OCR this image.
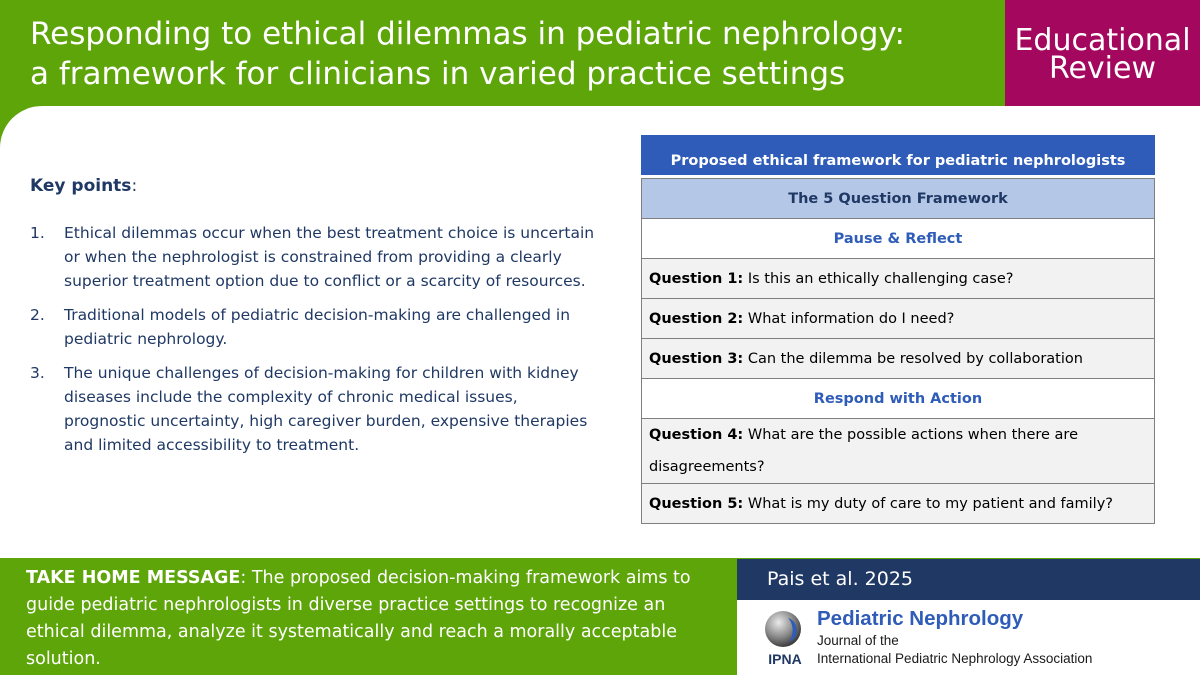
Responding to ethical dilemmas in pediatric nephrology:
a framework for clinicians in varied practice settings
Educational
Review
Key points:
1. Ethical dilemmas occur when the best treatment choice is uncertain or when the nephrologist is constrained from providing a clearly superior treatment option due to conflict or a scarcity of resources.
2. Traditional models of pediatric decision-making are challenged in pediatric nephrology.
3. The unique challenges of decision-making for children with kidney diseases include the complexity of chronic medical issues, prognostic uncertainty, high caregiver burden, expensive therapies and limited accessibility to treatment.
Proposed ethical framework for pediatric nephrologists
The 5 Question Framework
Pause & Reflect
Question 1: Is this an ethically challenging case?
Question 2: What information do I need?
Question 3: Can the dilemma be resolved by collaboration
Respond with Action
Question 4: What are the possible actions when there are disagreements?
Question 5: What is my duty of care to my patient and family?
TAKE HOME MESSAGE: The proposed decision-making framework aims to guide pediatric nephrologists in diverse practice settings to recognize an ethical dilemma, analyze it systematically and reach a morally acceptable solution.
Pais et al. 2025
IPNA
Pediatric Nephrology
Journal of the
International Pediatric Nephrology Association
